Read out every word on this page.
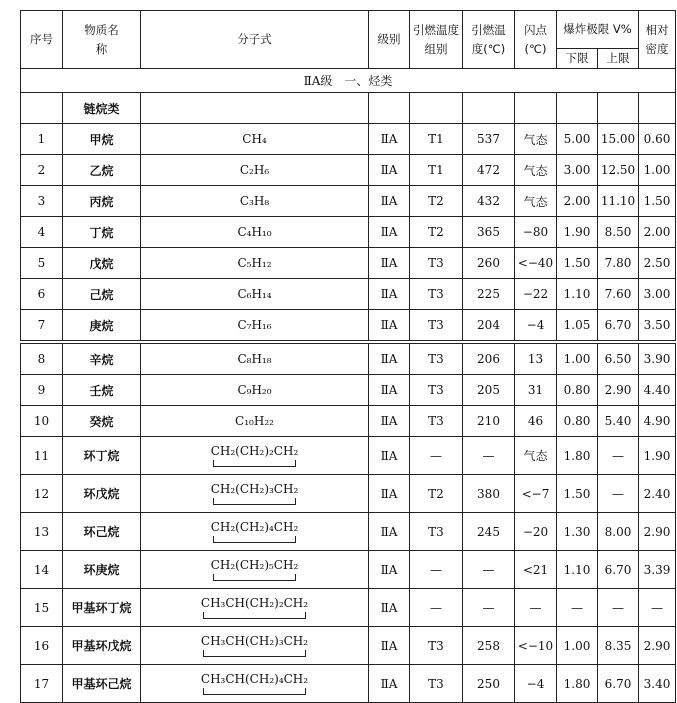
序号	物质名称	分子式	级别	引燃温度组别	引燃温度(℃)	闪点(℃)	爆炸极限 V%		相对密度
							下限	上限	
ⅡA级　一、烃类									
	链烷类								
1	甲烷	CH₄	ⅡA	T1	537	气态	5.00	15.00	0.60
2	乙烷	C₂H₆	ⅡA	T1	472	气态	3.00	12.50	1.00
3	丙烷	C₃H₈	ⅡA	T2	432	气态	2.00	11.10	1.50
4	丁烷	C₄H₁₀	ⅡA	T2	365	−80	1.90	8.50	2.00
5	戊烷	C₅H₁₂	ⅡA	T3	260	<−40	1.50	7.80	2.50
6	己烷	C₆H₁₄	ⅡA	T3	225	−22	1.10	7.60	3.00
7	庚烷	C₇H₁₆	ⅡA	T3	204	−4	1.05	6.70	3.50

8	辛烷	C₈H₁₈	ⅡA	T3	206	13	1.00	6.50	3.90
9	壬烷	C₉H₂₀	ⅡA	T3	205	31	0.80	2.90	4.40
10	癸烷	C₁₀H₂₂	ⅡA	T3	210	46	0.80	5.40	4.90
11	环丁烷	CH₂(CH₂)₂CH₂	ⅡA	—	—	气态	1.80	—	1.90
12	环戊烷	CH₂(CH₂)₃CH₂	ⅡA	T2	380	<−7	1.50	—	2.40
13	环己烷	CH₂(CH₂)₄CH₂	ⅡA	T3	245	−20	1.30	8.00	2.90
14	环庚烷	CH₂(CH₂)₅CH₂	ⅡA	—	—	<21	1.10	6.70	3.39
15	甲基环丁烷	CH₃CH(CH₂)₂CH₂	ⅡA	—	—	—	—	—	—
16	甲基环戊烷	CH₃CH(CH₂)₃CH₂	ⅡA	T3	258	<−10	1.00	8.35	2.90
17	甲基环己烷	CH₃CH(CH₂)₄CH₂	ⅡA	T3	250	−4	1.80	6.70	3.40
